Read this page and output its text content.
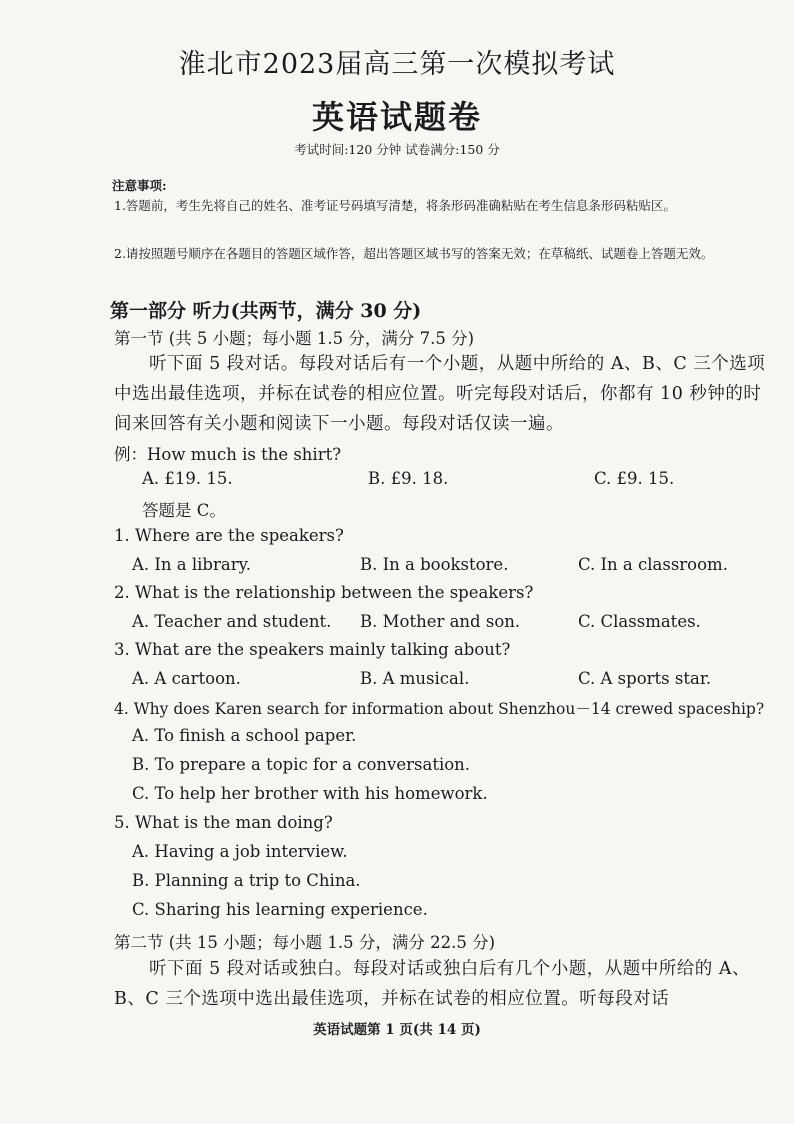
淮北市2023届高三第一次模拟考试
英语试题卷
考试时间:120 分钟 试卷满分:150 分
注意事项:
1.答题前，考生先将自己的姓名、准考证号码填写清楚，将条形码准确粘贴在考生信息条形码粘贴区。
2.请按照题号顺序在各题目的答题区域作答，超出答题区域书写的答案无效；在草稿纸、试题卷上答题无效。
第一部分 听力(共两节，满分 30 分)
第一节 (共 5 小题；每小题 1.5 分，满分 7.5 分)
听下面 5 段对话。每段对话后有一个小题，从题中所给的 A、B、C 三个选项中选出最佳选项，并标在试卷的相应位置。听完每段对话后，你都有 10 秒钟的时间来回答有关小题和阅读下一小题。每段对话仅读一遍。
例：How much is the shirt?
A. £19. 15.	B. £9. 18.	C. £9. 15.
答题是 C。
1. Where are the speakers?
A. In a library.	B. In a bookstore.	C. In a classroom.
2. What is the relationship between the speakers?
A. Teacher and student. B. Mother and son.	C. Classmates.
3. What are the speakers mainly talking about?
A. A cartoon.	B. A musical.	C. A sports star.
4. Why does Karen search for information about Shenzhou－14 crewed spaceship?
A. To finish a school paper.
B. To prepare a topic for a conversation.
C. To help her brother with his homework.
5. What is the man doing?
A. Having a job interview.
B. Planning a trip to China.
C. Sharing his learning experience.
第二节 (共 15 小题；每小题 1.5 分，满分 22.5 分)
听下面 5 段对话或独白。每段对话或独白后有几个小题，从题中所给的 A、B、C 三个选项中选出最佳选项，并标在试卷的相应位置。听每段对话
英语试题第 1 页(共 14 页)
